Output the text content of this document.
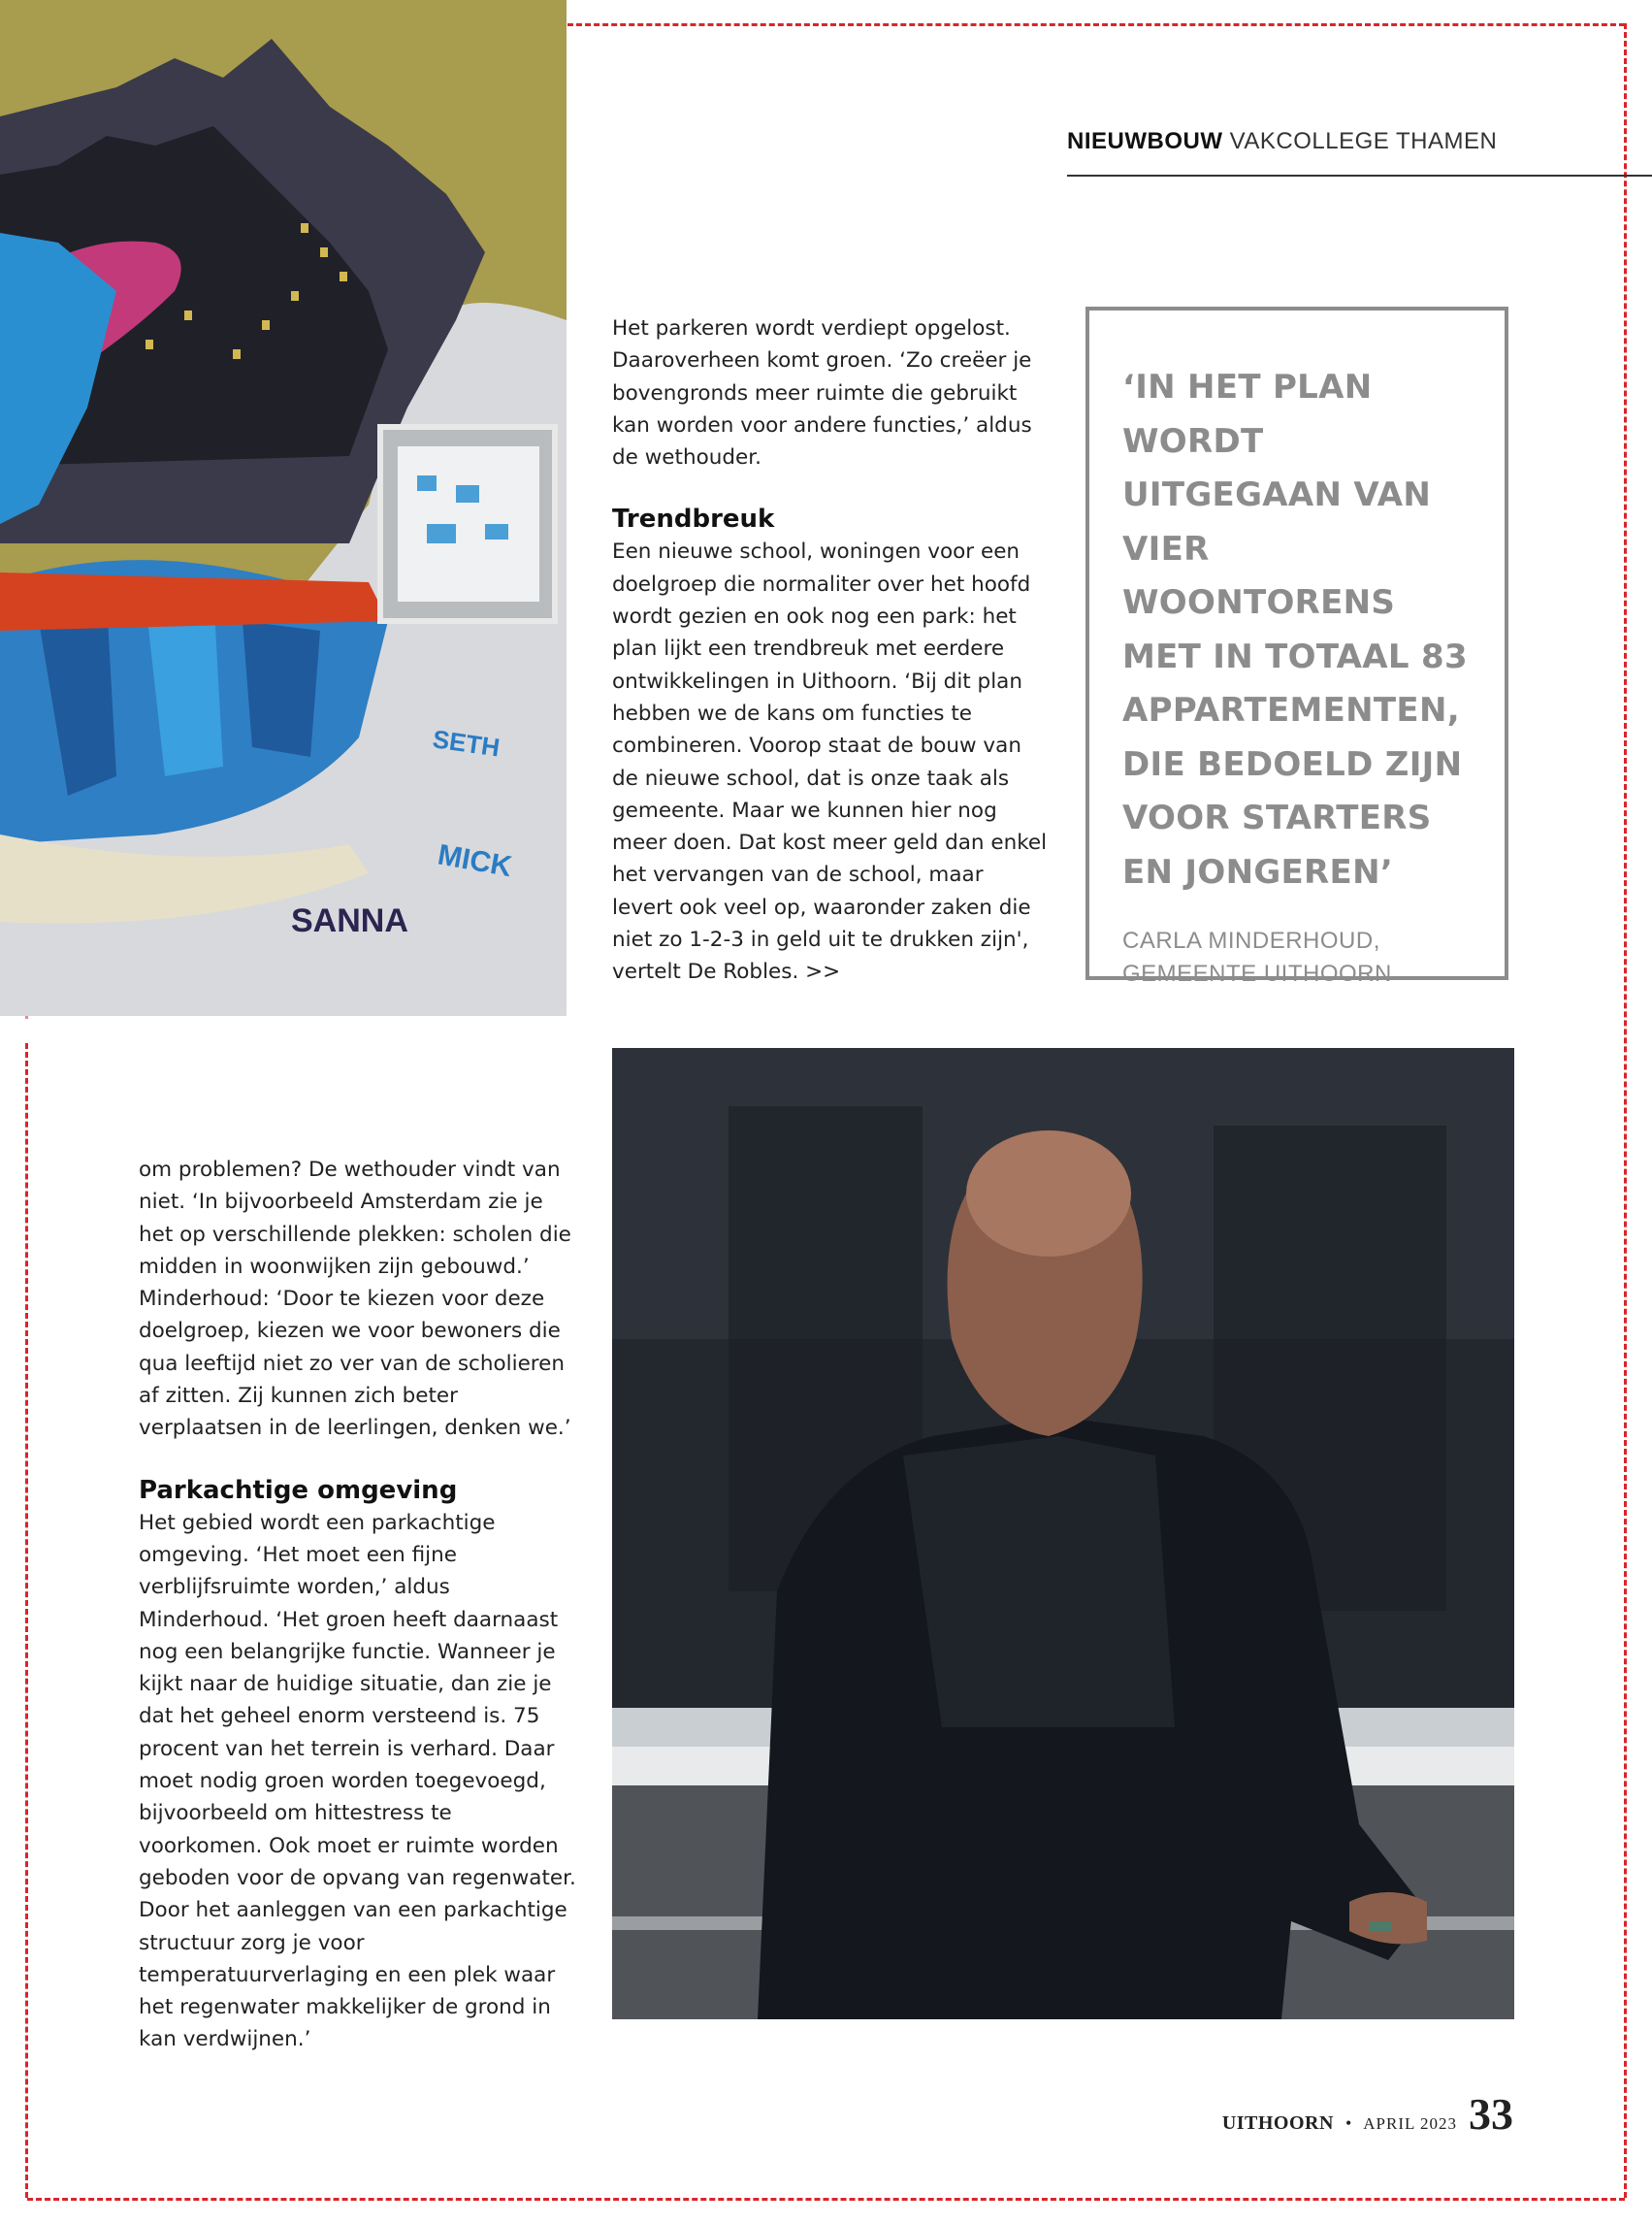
SETH
MICK
SANNA
NIEUWBOUW VAKCOLLEGE THAMEN

Het parkeren wordt verdiept opgelost. Daaroverheen komt groen. ‘Zo creëer je bovengronds meer ruimte die gebruikt kan worden voor andere functies,’ aldus de wethouder.

Trendbreuk

Een nieuwe school, woningen voor een doelgroep die normaliter over het hoofd wordt gezien en ook nog een park: het plan lijkt een trendbreuk met eerdere ontwikkelingen in Uithoorn. ‘Bij dit plan hebben we de kans om functies te combineren. Voorop staat de bouw van de nieuwe school, dat is onze taak als gemeente. Maar we kunnen hier nog meer doen. Dat kost meer geld dan enkel het vervangen van de school, maar levert ook veel op, waaronder zaken die niet zo 1-2-3 in geld uit te drukken zijn', vertelt De Robles. >>

‘IN HET PLAN WORDT UITGEGAAN VAN VIER WOONTORENS MET IN TOTAAL 83 APPARTEMENTEN, DIE BEDOELD ZIJN VOOR STARTERS EN JONGEREN’
CARLA MINDERHOUD,
GEMEENTE UITHOORN

om problemen? De wethouder vindt van niet. ‘In bijvoorbeeld Amsterdam zie je het op verschillende plekken: scholen die midden in woonwijken zijn gebouwd.’ Minderhoud: ‘Door te kiezen voor deze doelgroep, kiezen we voor bewoners die qua leeftijd niet zo ver van de scholieren af zitten. Zij kunnen zich beter verplaatsen in de leerlingen, denken we.’

Parkachtige omgeving

Het gebied wordt een parkachtige omgeving. ‘Het moet een fijne verblijfsruimte worden,’ aldus Minderhoud. ‘Het groen heeft daarnaast nog een belangrijke functie. Wanneer je kijkt naar de huidige situatie, dan zie je dat het geheel enorm versteend is. 75 procent van het terrein is verhard. Daar moet nodig groen worden toegevoegd, bijvoorbeeld om hittestress te voorkomen. Ook moet er ruimte worden geboden voor de opvang van regenwater. Door het aanleggen van een parkachtige structuur zorg je voor temperatuurverlaging en een plek waar het regenwater makkelijker de grond in kan verdwijnen.’

UITHOORN • APRIL 2023 33
